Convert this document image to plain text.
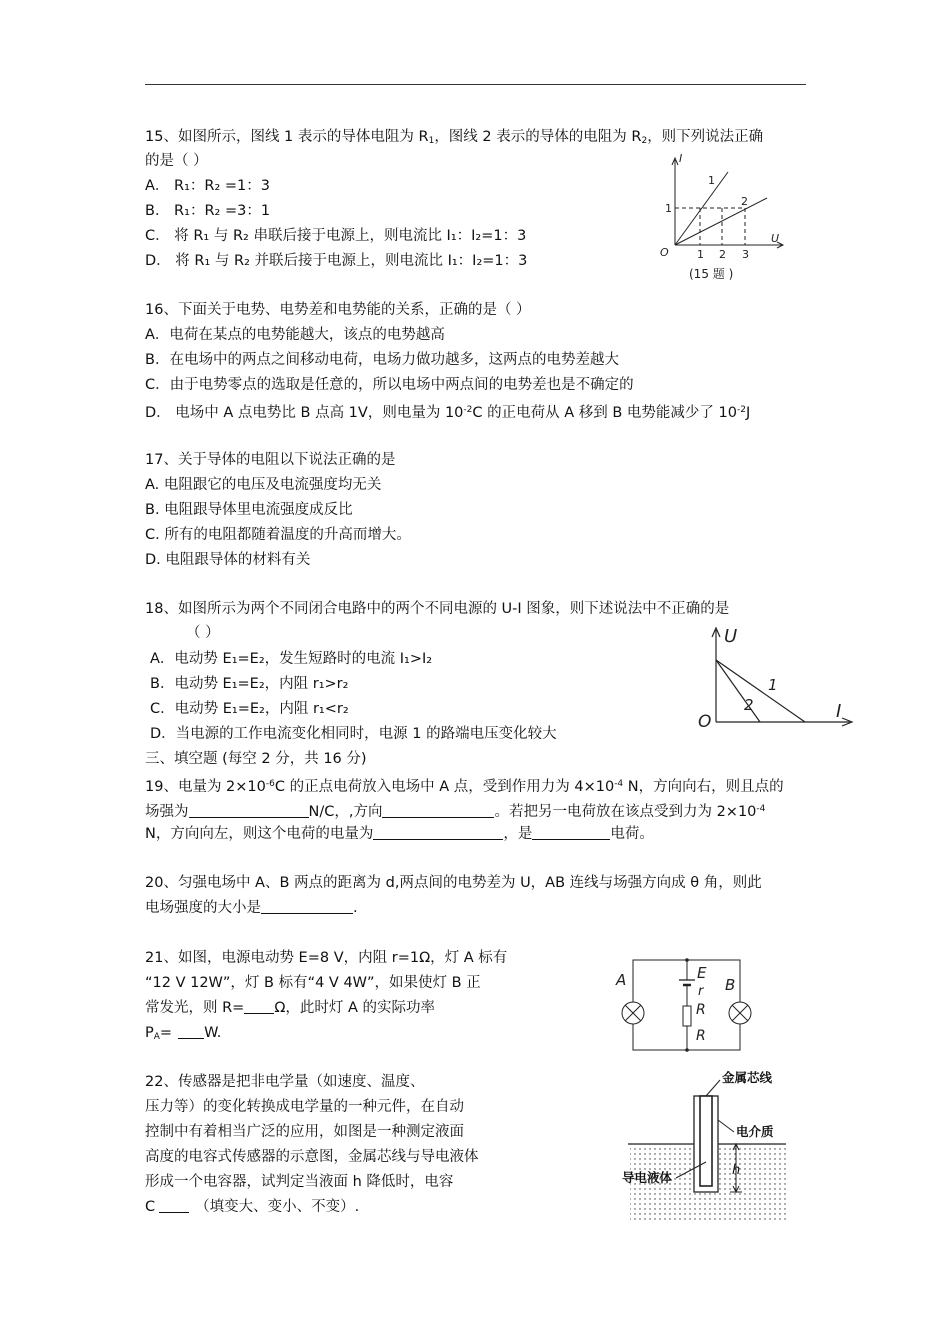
15、如图所示，图线 1 表示的导体电阻为 $R_1$，图线 2 表示的导体的电阻为 $R_2$，则下列说法正确
的是（ ）
A． R₁：R₂ =1：3
B． R₁：R₂ =3：1
C． 将 R₁ 与 R₂ 串联后接于电源上，则电流比 I₁：I₂=1：3
D． 将 R₁ 与 R₂ 并联后接于电源上，则电流比 I₁：I₂=1：3
I
U
O
1
2
1
1 2 3
(15 题 )
16、下面关于电势、电势差和电势能的关系，正确的是（ ）
A．电荷在某点的电势能越大，该点的电势越高
B．在电场中的两点之间移动电荷，电场力做功越多，这两点的电势差越大
C．由于电势零点的选取是任意的，所以电场中两点间的电势差也是不确定的
D． 电场中 A 点电势比 B 点高 1V，则电量为 $10^{-2}C$ 的正电荷从 A 移到 B 电势能减少了 $10^{-2}J$
17、关于导体的电阻以下说法正确的是
A. 电阻跟它的电压及电流强度均无关
B. 电阻跟导体里电流强度成反比
C. 所有的电阻都随着温度的升高而增大。
D. 电阻跟导体的材料有关
18、如图所示为两个不同闭合电路中的两个不同电源的 U-I 图象，则下述说法中不正确的是
（ ）
A．电动势 E₁=E₂，发生短路时的电流 I₁>I₂
B．电动势 E₁=E₂，内阻 r₁>r₂
C．电动势 E₁=E₂，内阻 r₁<r₂
D．当电源的工作电流变化相同时，电源 1 的路端电压变化较大
U
I
O
1
2
三、填空题 (每空 2 分，共 16 分)
19、电量为 $2\times 10^{-6}C$ 的正点电荷放入电场中 A 点，受到作用力为 $4\times 10^{-4}$ N，方向向右，则且点的
场强为	N/C，,方向	。若把另一电荷放在该点受到力为 $2\times 10^{-4}$
N，方向向左，则这个电荷的电量为	，是	电荷。
20、匀强电场中 A、B 两点的距离为 d,两点间的电势差为 U，AB 连线与场强方向成 θ 角，则此
电场强度的大小是	.
21、如图，电源电动势 E=8 V，内阻 r=1Ω，灯 A 标有
“12 V 12W”，灯 B 标有“4 V 4W”，如果使灯 B 正
常发光，则 R= Ω，此时灯 A 的实际功率
$P_A= W$.
A	B
E
r
R
R
22、传感器是把非电学量（如速度、温度、
压力等）的变化转换成电学量的一种元件，在自动
控制中有着相当广泛的应用，如图是一种测定液面
高度的电容式传感器的示意图，金属芯线与导电液体
形成一个电容器，试判定当液面 h 降低时，电容
C	（填变大、变小、不变）.
金属芯线
电介质
导电液体	h
